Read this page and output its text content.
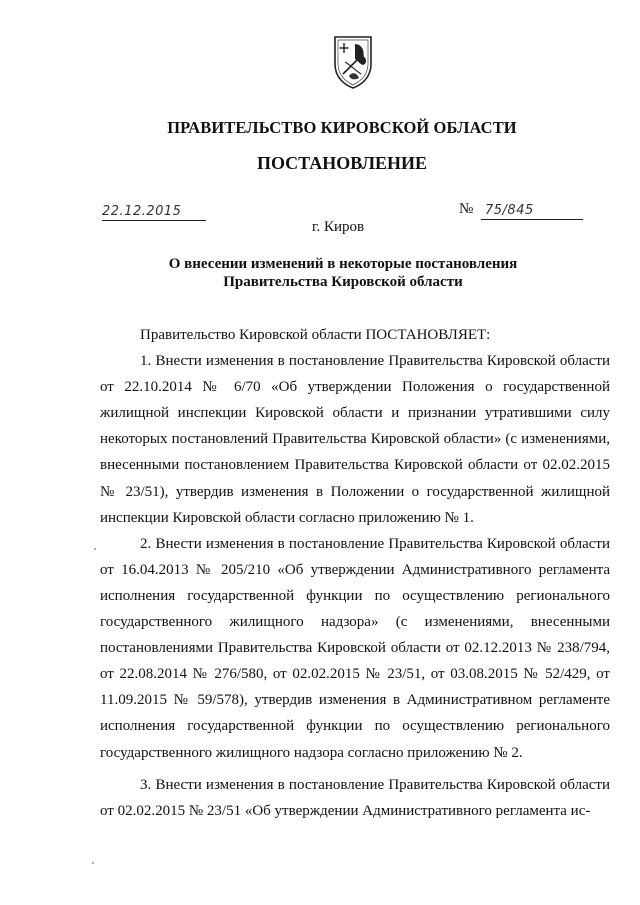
ПРАВИТЕЛЬСТВО КИРОВСКОЙ ОБЛАСТИ
ПОСТАНОВЛЕНИЕ
22.12.2015	№ 75/845
г. Киров
О внесении изменений в некоторые постановления
Правительства Кировской области

Правительство Кировской области ПОСТАНОВЛЯЕТ:

1. Внести изменения в постановление Правительства Кировской области от 22.10.2014 № 6/70 «Об утверждении Положения о государственной жилищной инспекции Кировской области и признании утратившими силу некоторых постановлений Правительства Кировской области» (с изменениями, внесенными постановлением Правительства Кировской области от 02.02.2015 № 23/51), утвердив изменения в Положении о государственной жилищной инспекции Кировской области согласно приложению № 1.

2. Внести изменения в постановление Правительства Кировской области от 16.04.2013 № 205/210 «Об утверждении Административного регламента исполнения государственной функции по осуществлению регионального государственного жилищного надзора» (с изменениями, внесенными постановлениями Правительства Кировской области от 02.12.2013 № 238/794, от 22.08.2014 № 276/580, от 02.02.2015 № 23/51, от 03.08.2015 № 52/429, от 11.09.2015 № 59/578), утвердив изменения в Административном регламенте исполнения государственной функции по осуществлению регионального государственного жилищного надзора согласно приложению № 2.

3. Внести изменения в постановление Правительства Кировской области от 02.02.2015 № 23/51 «Об утверждении Административного регламента ис-
